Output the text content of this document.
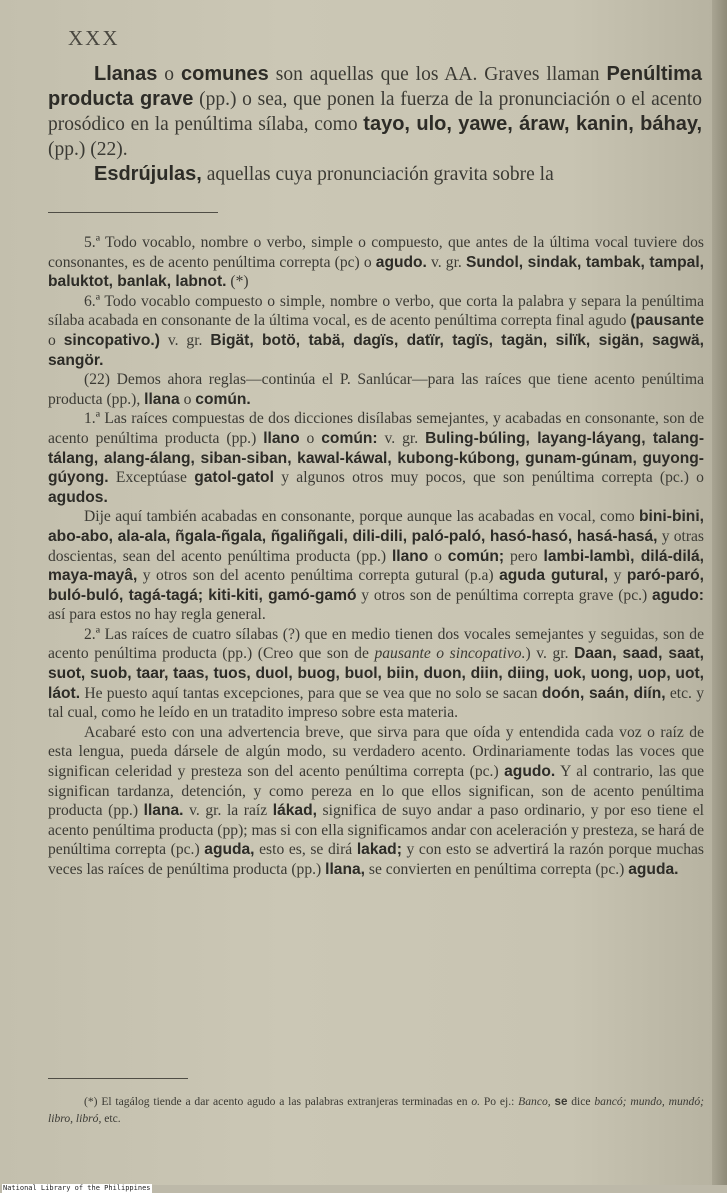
XXX

Llanas o comunes son aquellas que los AA. Graves llaman Penúltima producta grave (pp.) o sea, que ponen la fuerza de la pronunciación o el acento prosódico en la penúltima sílaba, como tayo, ulo, yawe, áraw, kanin, báhay, (pp.) (22).

Esdrújulas, aquellas cuya pronunciación gravita sobre la

5.ª Todo vocablo, nombre o verbo, simple o compuesto, que antes de la última vocal tuviere dos consonantes, es de acento penúltima correpta (pc) o agudo. v. gr. Sundol, sindak, tambak, tampal, baluktot, banlak, labnot. (*)

6.ª Todo vocablo compuesto o simple, nombre o verbo, que corta la palabra y separa la penúltima sílaba acabada en consonante de la última vocal, es de acento penúltima correpta final agudo (pausante o sincopativo.) v. gr. Bigät, botö, tabä, dagïs, datïr, tagïs, tagän, silïk, sigän, sagwä, sangör.

(22) Demos ahora reglas—continúa el P. Sanlúcar—para las raíces que tiene acento penúltima producta (pp.), llana o común.

1.ª Las raíces compuestas de dos dicciones disílabas semejantes, y acabadas en consonante, son de acento penúltima producta (pp.) llano o común: v. gr. Buling-búling, layang-láyang, talang-tálang, alang-álang, siban-siban, kawal-káwal, kubong-kúbong, gunam-gúnam, guyong-gúyong. Exceptúase gatol-gatol y algunos otros muy pocos, que son penúltima correpta (pc.) o agudos.

Dije aquí también acabadas en consonante, porque aunque las acabadas en vocal, como bini-bini, abo-abo, ala-ala, ñgala-ñgala, ñgaliñgali, dili-dili, paló-paló, hasó-hasó, hasá-hasá, y otras doscientas, sean del acento penúltima producta (pp.) llano o común; pero lambi-lambì, dilá-dilá, maya-mayâ, y otros son del acento penúltima correpta gutural (p.a) aguda gutural, y paró-paró, buló-buló, tagá-tagá; kiti-kiti, gamó-gamó y otros son de penúltima correpta grave (pc.) agudo: así para estos no hay regla general.

2.ª Las raíces de cuatro sílabas (?) que en medio tienen dos vocales semejantes y seguidas, son de acento penúltima producta (pp.) (Creo que son de pausante o sincopativo.) v. gr. Daan, saad, saat, suot, suob, taar, taas, tuos, duol, buog, buol, biin, duon, diin, diing, uok, uong, uop, uot, láot. He puesto aquí tantas excepciones, para que se vea que no solo se sacan doón, saán, diín, etc. y tal cual, como he leído en un tratadito impreso sobre esta materia.

Acabaré esto con una advertencia breve, que sirva para que oída y entendida cada voz o raíz de esta lengua, pueda dársele de algún modo, su verdadero acento. Ordinariamente todas las voces que significan celeridad y presteza son del acento penúltima correpta (pc.) agudo. Y al contrario, las que significan tardanza, detención, y como pereza en lo que ellos significan, son de acento penúltima producta (pp.) llana. v. gr. la raíz lákad, significa de suyo andar a paso ordinario, y por eso tiene el acento penúltima producta (pp); mas si con ella significamos andar con aceleración y presteza, se hará de penúltima correpta (pc.) aguda, esto es, se dirá lakad; y con esto se advertirá la razón porque muchas veces las raíces de penúltima producta (pp.) llana, se convierten en penúltima correpta (pc.) aguda.

(*) El tagálog tiende a dar acento agudo a las palabras extranjeras terminadas en o. Po ej.: Banco, se dice bancó; mundo, mundó; libro, libró, etc.

National Library of the Philippines
